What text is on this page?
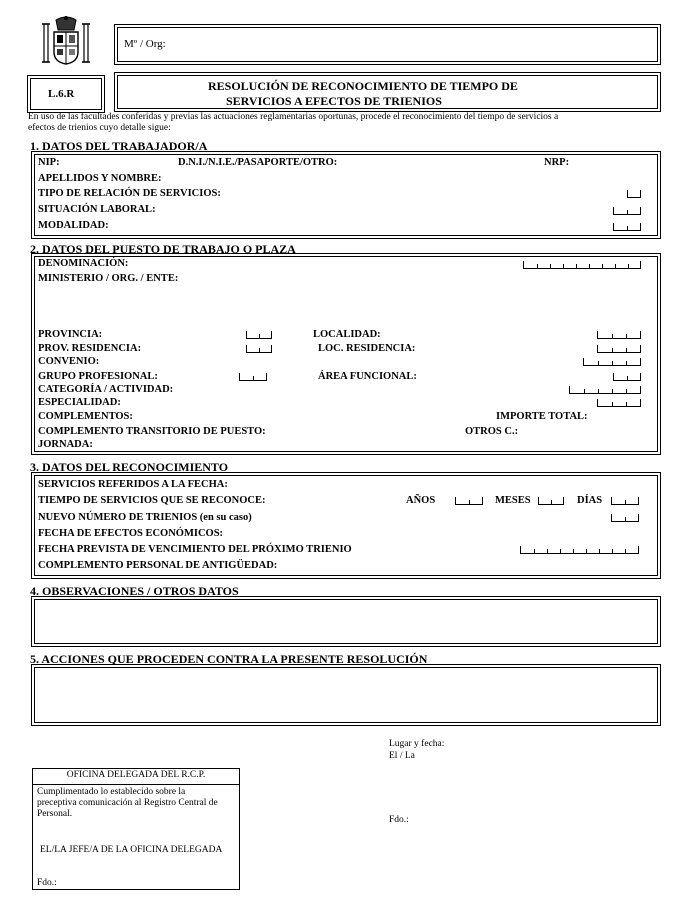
Mº / Org:
L.6.R
RESOLUCIÓN DE RECONOCIMIENTO DE TIEMPO DE
SERVICIOS A EFECTOS DE TRIENIOS
En uso de las facultades conferidas y previas las actuaciones reglamentarias oportunas, procede el reconocimiento del tiempo de servicios a
efectos de trienios cuyo detalle sigue:
1. DATOS DEL TRABAJADOR/A
NIP:	D.N.I./N.I.E./PASAPORTE/OTRO:	NRP:
APELLIDOS Y NOMBRE:
TIPO DE RELACIÓN DE SERVICIOS:
SITUACIÓN LABORAL:
MODALIDAD:
2. DATOS DEL PUESTO DE TRABAJO O PLAZA
DENOMINACIÓN:
MINISTERIO / ORG. / ENTE:
PROVINCIA:	LOCALIDAD:
PROV. RESIDENCIA:	LOC. RESIDENCIA:
CONVENIO:
GRUPO PROFESIONAL:	ÁREA FUNCIONAL:
CATEGORÍA / ACTIVIDAD:
ESPECIALIDAD:
COMPLEMENTOS:	IMPORTE TOTAL:
COMPLEMENTO TRANSITORIO DE PUESTO:	OTROS C.:
JORNADA:
3. DATOS DEL RECONOCIMIENTO
SERVICIOS REFERIDOS A LA FECHA:
TIEMPO DE SERVICIOS QUE SE RECONOCE:	AÑOS	MESES	DÍAS
NUEVO NÚMERO DE TRIENIOS (en su caso)
FECHA DE EFECTOS ECONÓMICOS:
FECHA PREVISTA DE VENCIMIENTO DEL PRÓXIMO TRIENIO
COMPLEMENTO PERSONAL DE ANTIGÜEDAD:
4. OBSERVACIONES / OTROS DATOS
5. ACCIONES QUE PROCEDEN CONTRA LA PRESENTE RESOLUCIÓN
Lugar y fecha:
El / La
Fdo.:
OFICINA DELEGADA DEL R.C.P.
Cumplimentado lo establecido sobre la
preceptiva comunicación al Registro Central de
Personal.
EL/LA JEFE/A DE LA OFICINA DELEGADA
Fdo.:
